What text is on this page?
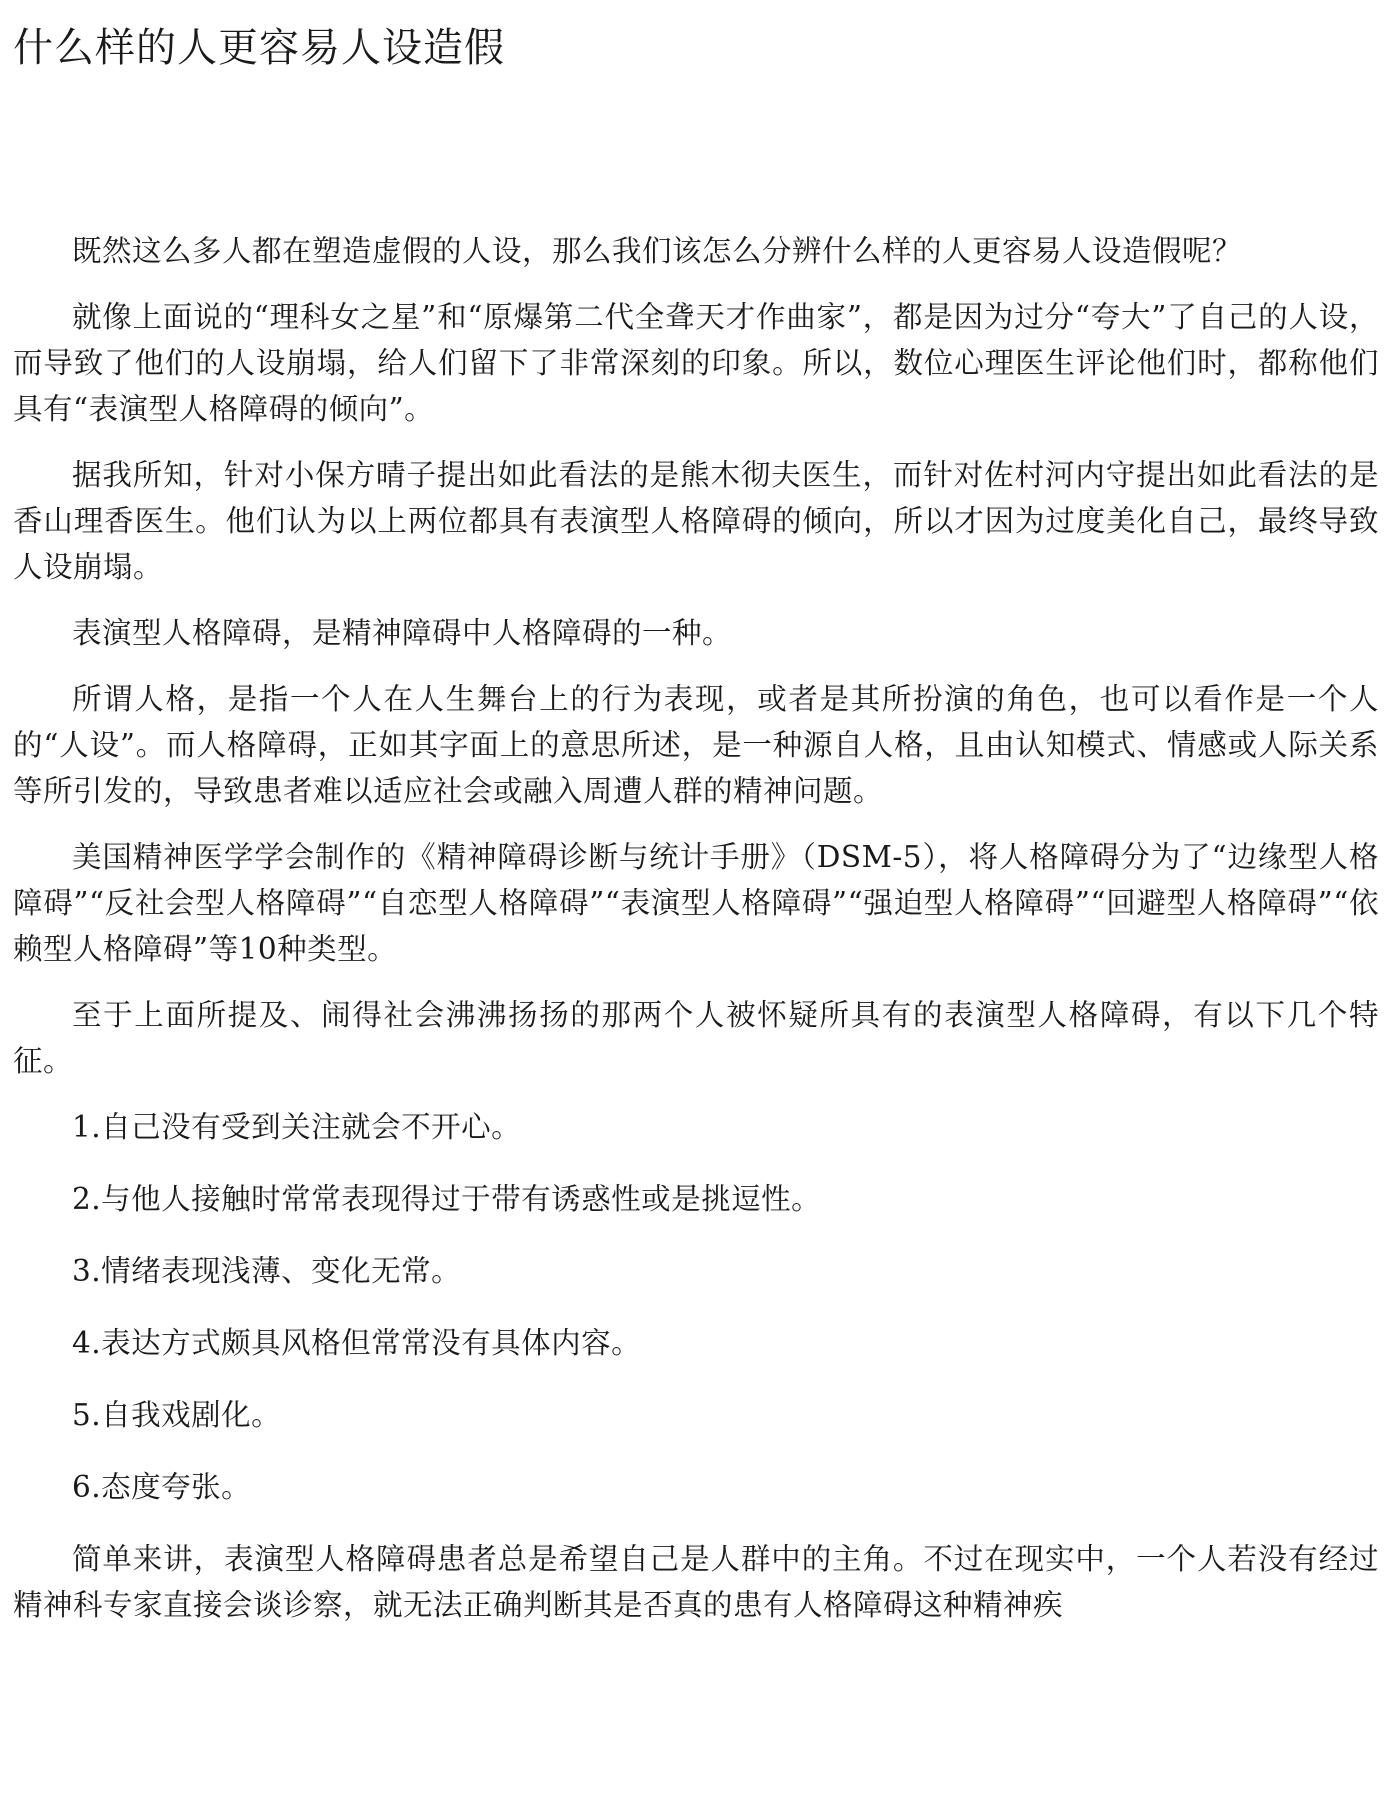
什么样的人更容易人设造假

既然这么多人都在塑造虚假的人设，那么我们该怎么分辨什么样的人更容易人设造假呢？

就像上面说的“理科女之星”和“原爆第二代全聋天才作曲家”，都是因为过分“夸大”了自己的人设，而导致了他们的人设崩塌，给人们留下了非常深刻的印象。所以，数位心理医生评论他们时，都称他们具有“表演型人格障碍的倾向”。

据我所知，针对小保方晴子提出如此看法的是熊木彻夫医生，而针对佐村河内守提出如此看法的是香山理香医生。他们认为以上两位都具有表演型人格障碍的倾向，所以才因为过度美化自己，最终导致人设崩塌。

表演型人格障碍，是精神障碍中人格障碍的一种。

所谓人格，是指一个人在人生舞台上的行为表现，或者是其所扮演的角色，也可以看作是一个人的“人设”。而人格障碍，正如其字面上的意思所述，是一种源自人格，且由认知模式、情感或人际关系等所引发的，导致患者难以适应社会或融入周遭人群的精神问题。

美国精神医学学会制作的《精神障碍诊断与统计手册》（DSM-5），将人格障碍分为了“边缘型人格障碍”“反社会型人格障碍”“自恋型人格障碍”“表演型人格障碍”“强迫型人格障碍”“回避型人格障碍”“依赖型人格障碍”等10种类型。

至于上面所提及、闹得社会沸沸扬扬的那两个人被怀疑所具有的表演型人格障碍，有以下几个特征。

1.自己没有受到关注就会不开心。

2.与他人接触时常常表现得过于带有诱惑性或是挑逗性。

3.情绪表现浅薄、变化无常。

4.表达方式颇具风格但常常没有具体内容。

5.自我戏剧化。

6.态度夸张。

简单来讲，表演型人格障碍患者总是希望自己是人群中的主角。不过在现实中，一个人若没有经过精神科专家直接会谈诊察，就无法正确判断其是否真的患有人格障碍这种精神疾
